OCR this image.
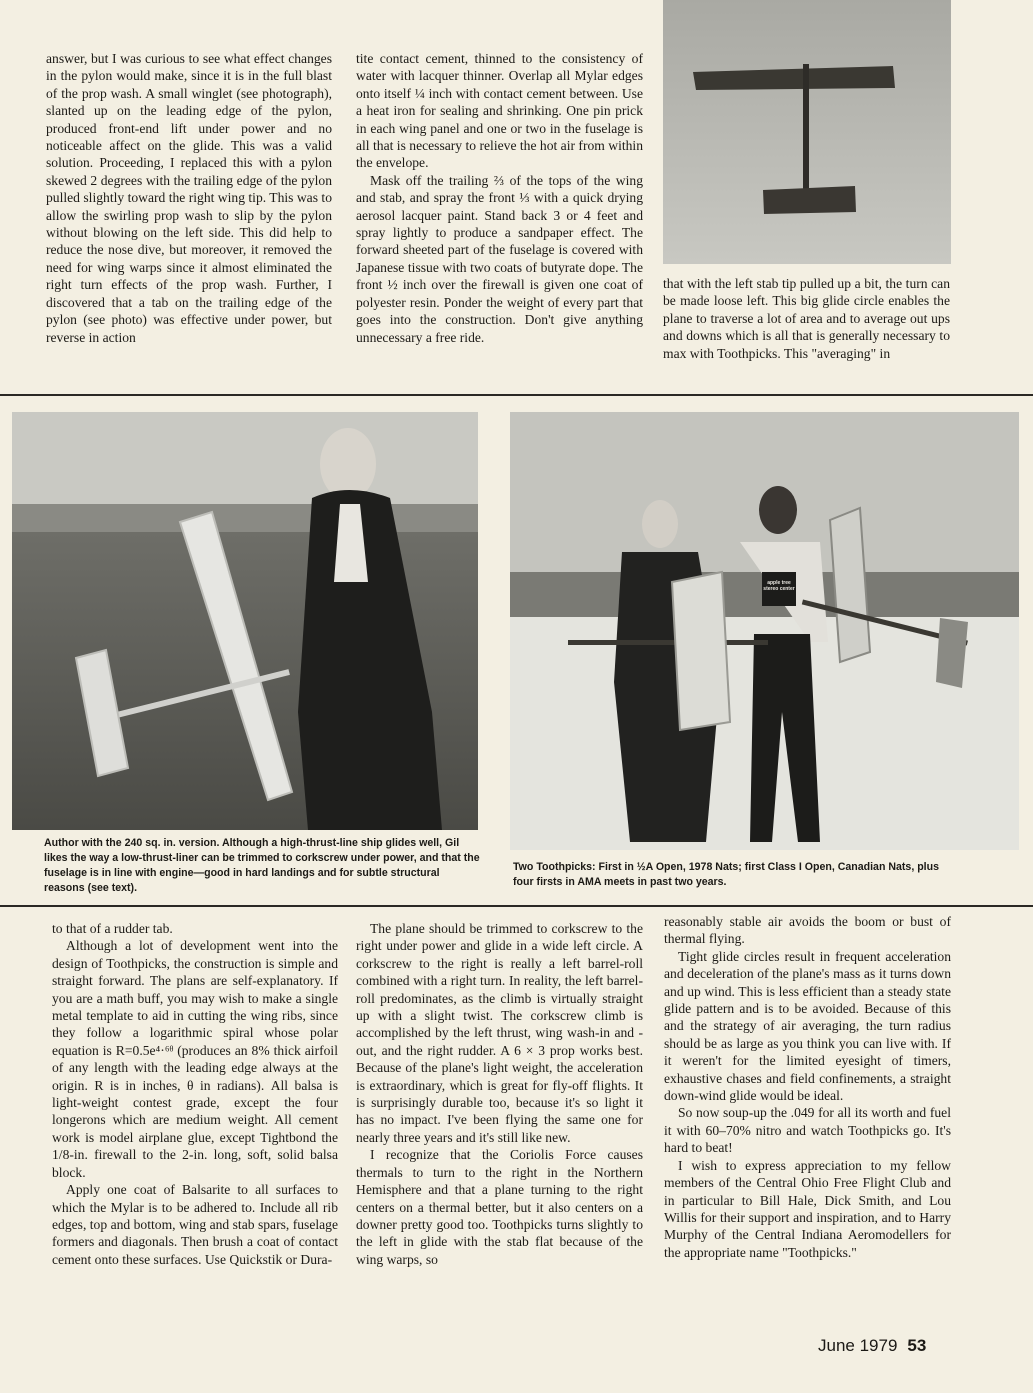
answer, but I was curious to see what effect changes in the pylon would make, since it is in the full blast of the prop wash. A small winglet (see photograph), slanted up on the leading edge of the pylon, produced front-end lift under power and no noticeable affect on the glide. This was a valid solution. Proceeding, I replaced this with a pylon skewed 2 degrees with the trailing edge of the pylon pulled slightly toward the right wing tip. This was to allow the swirling prop wash to slip by the pylon without blowing on the left side. This did help to reduce the nose dive, but moreover, it removed the need for wing warps since it almost eliminated the right turn effects of the prop wash. Further, I discovered that a tab on the trailing edge of the pylon (see photo) was effective under power, but reverse in action

tite contact cement, thinned to the consistency of water with lacquer thinner. Overlap all Mylar edges onto itself ¼ inch with contact cement between. Use a heat iron for sealing and shrinking. One pin prick in each wing panel and one or two in the fuselage is all that is necessary to relieve the hot air from within the envelope.

Mask off the trailing ⅔ of the tops of the wing and stab, and spray the front ⅓ with a quick drying aerosol lacquer paint. Stand back 3 or 4 feet and spray lightly to produce a sandpaper effect. The forward sheeted part of the fuselage is covered with Japanese tissue with two coats of butyrate dope. The front ½ inch over the firewall is given one coat of polyester resin. Ponder the weight of every part that goes into the construction. Don't give anything unnecessary a free ride.

that with the left stab tip pulled up a bit, the turn can be made loose left. This big glide circle enables the plane to traverse a lot of area and to average out ups and downs which is all that is generally necessary to max with Toothpicks. This "averaging" in

apple tree stereo center
Author with the 240 sq. in. version. Although a high-thrust-line ship glides well, Gil likes the way a low-thrust-liner can be trimmed to corkscrew under power, and that the fuselage is in line with engine—good in hard landings and for subtle structural reasons (see text).
Two Toothpicks: First in ½A Open, 1978 Nats; first Class I Open, Canadian Nats, plus four firsts in AMA meets in past two years.

to that of a rudder tab.

Although a lot of development went into the design of Toothpicks, the construction is simple and straight forward. The plans are self-explanatory. If you are a math buff, you may wish to make a single metal template to aid in cutting the wing ribs, since they follow a logarithmic spiral whose polar equation is R=0.5e⁴·⁶ᶿ (produces an 8% thick airfoil of any length with the leading edge always at the origin. R is in inches, θ in radians). All balsa is light-weight contest grade, except the four longerons which are medium weight. All cement work is model airplane glue, except Tightbond the 1/8-in. firewall to the 2-in. long, soft, solid balsa block.

Apply one coat of Balsarite to all surfaces to which the Mylar is to be adhered to. Include all rib edges, top and bottom, wing and stab spars, fuselage formers and diagonals. Then brush a coat of contact cement onto these surfaces. Use Quickstik or Dura-

The plane should be trimmed to corkscrew to the right under power and glide in a wide left circle. A corkscrew to the right is really a left barrel-roll combined with a right turn. In reality, the left barrel-roll predominates, as the climb is virtually straight up with a slight twist. The corkscrew climb is accomplished by the left thrust, wing wash-in and -out, and the right rudder. A 6 × 3 prop works best. Because of the plane's light weight, the acceleration is extraordinary, which is great for fly-off flights. It is surprisingly durable too, because it's so light it has no impact. I've been flying the same one for nearly three years and it's still like new.

I recognize that the Coriolis Force causes thermals to turn to the right in the Northern Hemisphere and that a plane turning to the right centers on a thermal better, but it also centers on a downer pretty good too. Toothpicks turns slightly to the left in glide with the stab flat because of the wing warps, so

reasonably stable air avoids the boom or bust of thermal flying.

Tight glide circles result in frequent acceleration and deceleration of the plane's mass as it turns down and up wind. This is less efficient than a steady state glide pattern and is to be avoided. Because of this and the strategy of air averaging, the turn radius should be as large as you think you can live with. If it weren't for the limited eyesight of timers, exhaustive chases and field confinements, a straight down-wind glide would be ideal.

So now soup-up the .049 for all its worth and fuel it with 60–70% nitro and watch Toothpicks go. It's hard to beat!

I wish to express appreciation to my fellow members of the Central Ohio Free Flight Club and in particular to Bill Hale, Dick Smith, and Lou Willis for their support and inspiration, and to Harry Murphy of the Central Indiana Aeromodellers for the appropriate name "Toothpicks."

June 1979 53
